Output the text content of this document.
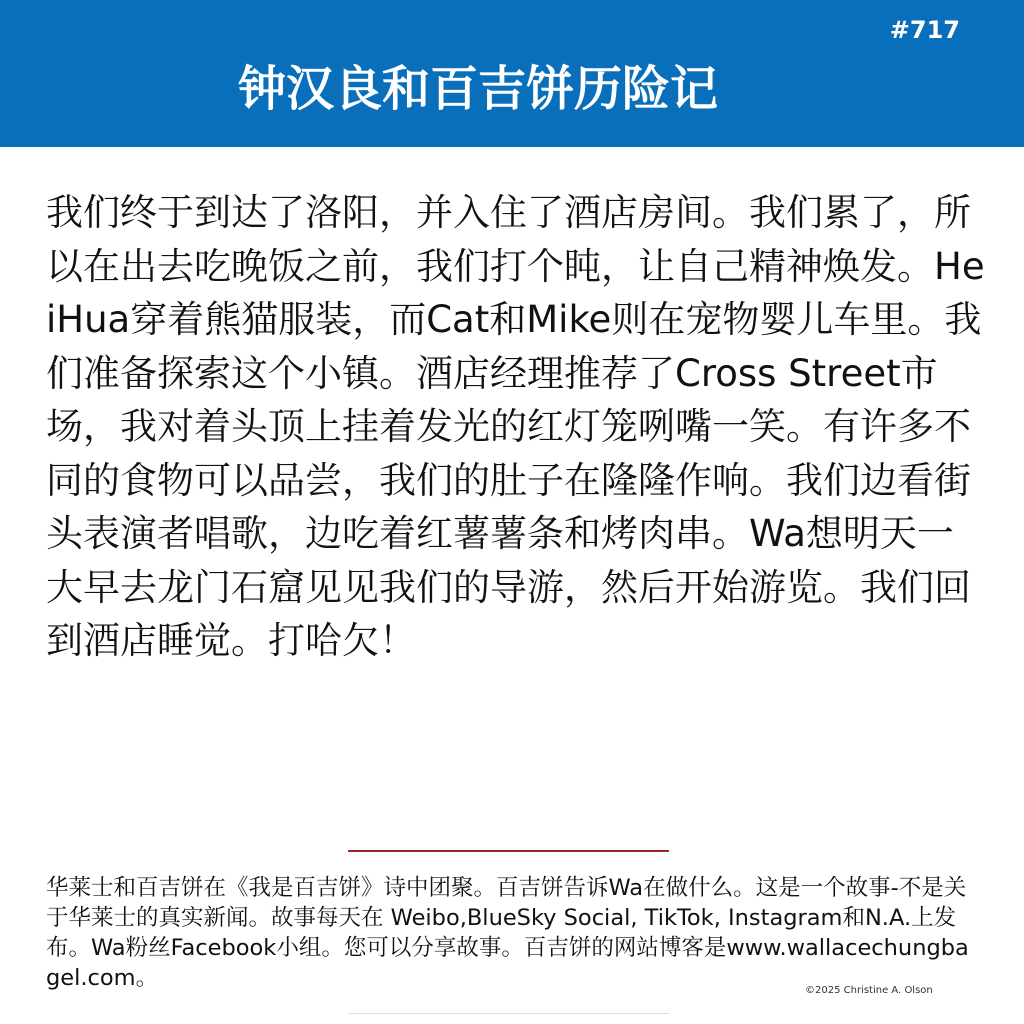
#717
钟汉良和百吉饼历险记

我们终于到达了洛阳，并入住了酒店房间。我们累了，所以在出去吃晚饭之前，我们打个盹，让自己精神焕发。HeiHua穿着熊猫服装，而Cat和Mike则在宠物婴儿车里。我们准备探索这个小镇。酒店经理推荐了Cross Street市场，我对着头顶上挂着发光的红灯笼咧嘴一笑。有许多不同的食物可以品尝，我们的肚子在隆隆作响。我们边看街头表演者唱歌，边吃着红薯薯条和烤肉串。Wa想明天一大早去龙门石窟见见我们的导游，然后开始游览。我们回到酒店睡觉。打哈欠！

华莱士和百吉饼在《我是百吉饼》诗中团聚。百吉饼告诉Wa在做什么。这是一个故事-不是关于华莱士的真实新闻。故事每天在 Weibo,BlueSky Social, TikTok, Instagram和N.A.上发布。Wa粉丝Facebook小组。您可以分享故事。百吉饼的网站博客是www.wallacechungbagel.com。	©2025 Christine A. Olson
